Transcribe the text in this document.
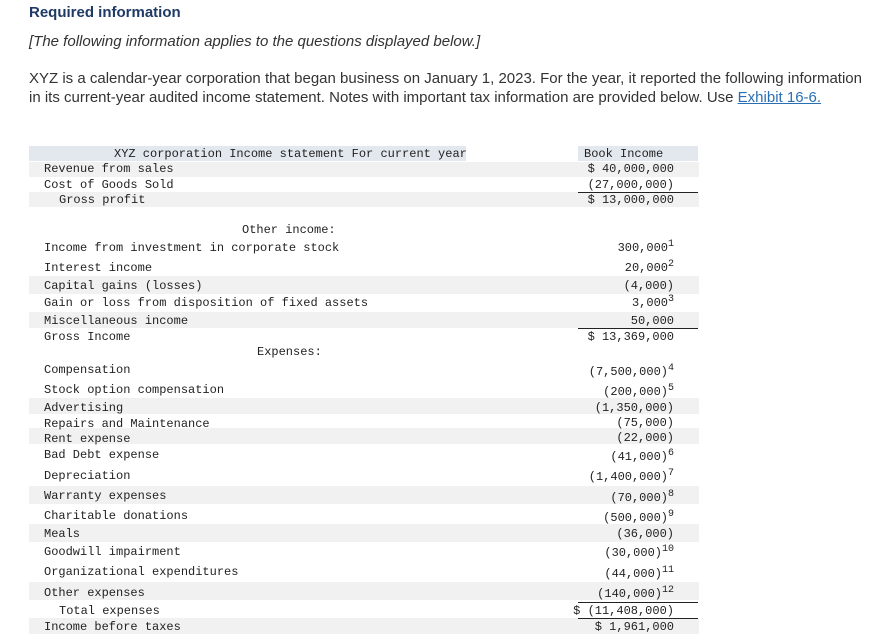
Required information
[The following information applies to the questions displayed below.]
XYZ is a calendar-year corporation that began business on January 1, 2023. For the year, it reported the following information in its current-year audited income statement. Notes with important tax information are provided below. Use Exhibit 16-6.
XYZ corporation Income statement For current year	Book Income
Revenue from sales	$ 40,000,000
Cost of Goods Sold	(27,000,000)
Gross profit	$ 13,000,000
Other income:
Income from investment in corporate stock	300,000$^1$
Interest income	20,000$^2$
Capital gains (losses)	(4,000)
Gain or loss from disposition of fixed assets	3,000$^3$
Miscellaneous income	50,000
Gross Income	$ 13,369,000
Expenses:
Compensation	$(7,500,000)^4$
Stock option compensation	$(200,000)^5$
Advertising	(1,350,000)
Repairs and Maintenance	(75,000)
Rent expense	(22,000)
Bad Debt expense	$(41,000)^6$
Depreciation	$(1,400,000)^7$
Warranty expenses	$(70,000)^8$
Charitable donations	$(500,000)^9$
Meals	(36,000)
Goodwill impairment	$(30,000)^{10}$
Organizational expenditures	$(44,000)^{11}$
Other expenses	$(140,000)^{12}$
Total expenses	$ (11,408,000)
Income before taxes	$ 1,961,000
